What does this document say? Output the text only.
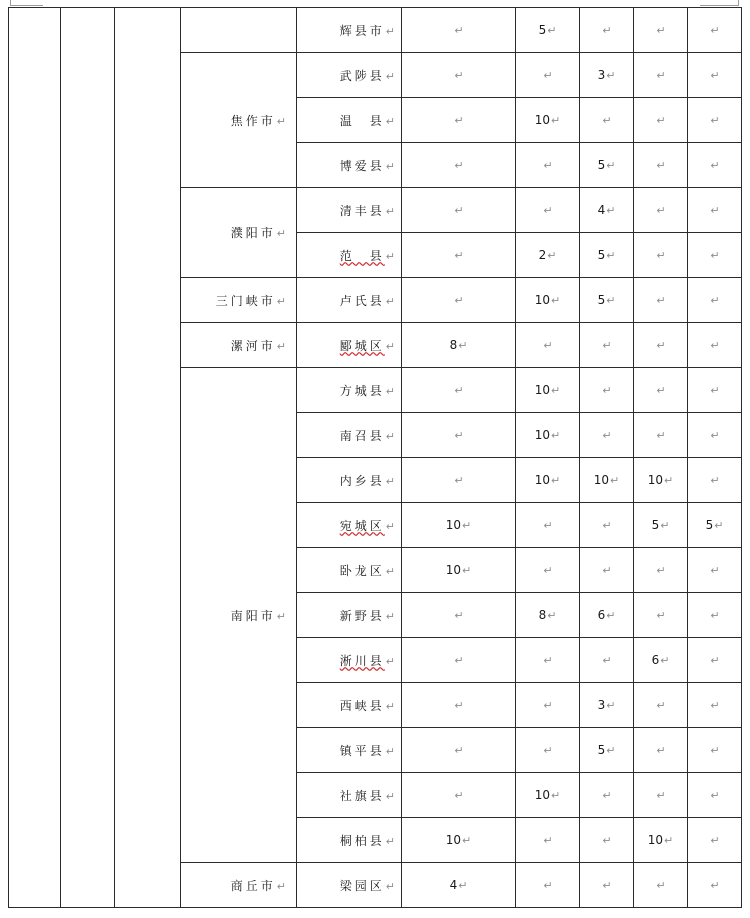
				辉县市↵	↵	5↵	↵	↵	↵
			焦作市↵	武陟县↵	↵	↵	3↵	↵	↵
				温　县↵	↵	10↵	↵	↵	↵
				博爱县↵	↵	↵	5↵	↵	↵
			濮阳市↵	清丰县↵	↵	↵	4↵	↵	↵
				范　县↵	↵	2↵	5↵	↵	↵
			三门峡市↵	卢氏县↵	↵	10↵	5↵	↵	↵
			漯河市↵	郾城区↵	8↵	↵	↵	↵	↵
			南阳市↵	方城县↵	↵	10↵	↵	↵	↵
				南召县↵	↵	10↵	↵	↵	↵
				内乡县↵	↵	10↵	10↵	10↵	↵
				宛城区↵	10↵	↵	↵	5↵	5↵
				卧龙区↵	10↵	↵	↵	↵	↵
				新野县↵	↵	8↵	6↵	↵	↵
				淅川县↵	↵	↵	↵	6↵	↵
				西峡县↵	↵	↵	3↵	↵	↵
				镇平县↵	↵	↵	5↵	↵	↵
				社旗县↵	↵	10↵	↵	↵	↵
				桐柏县↵	10↵	↵	↵	10↵	↵
			商丘市↵	梁园区↵	4↵	↵	↵	↵	↵
